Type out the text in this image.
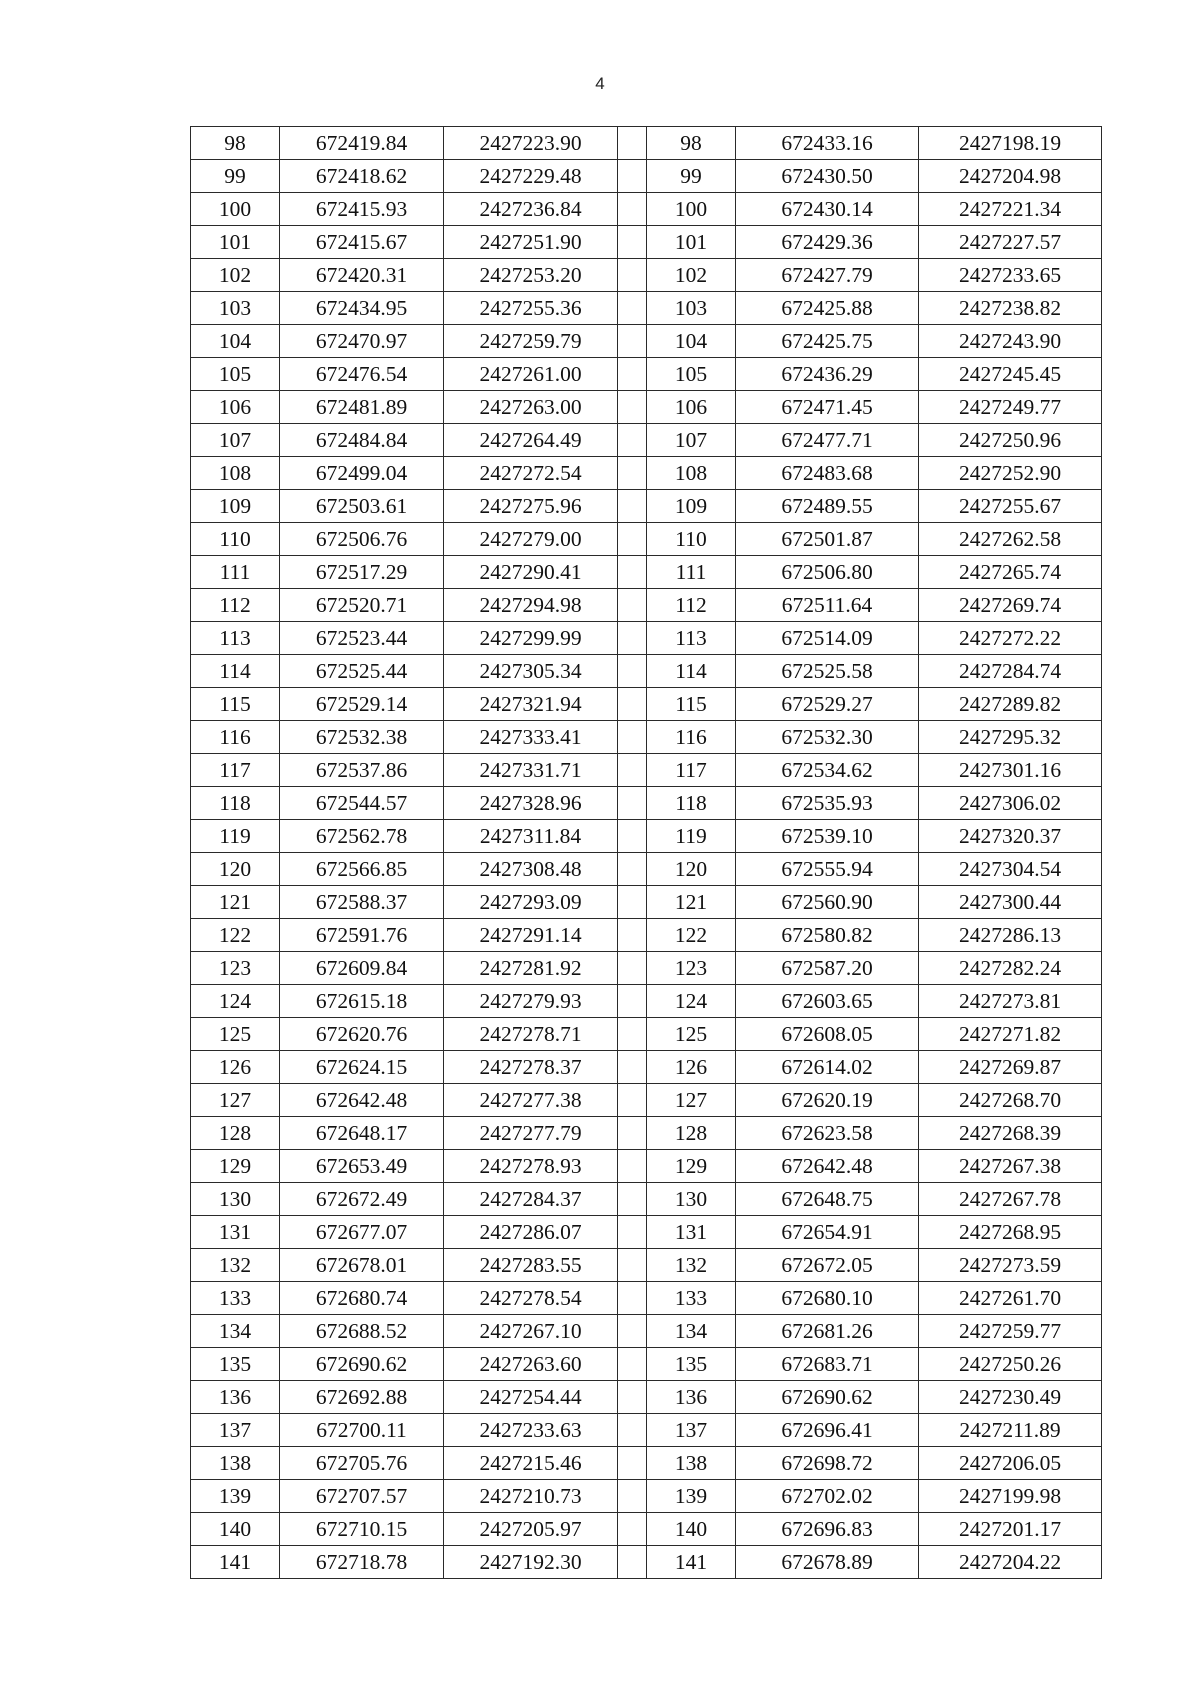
4
98	672419.84	2427223.90		98	672433.16	2427198.19
99	672418.62	2427229.48		99	672430.50	2427204.98
100	672415.93	2427236.84		100	672430.14	2427221.34
101	672415.67	2427251.90		101	672429.36	2427227.57
102	672420.31	2427253.20		102	672427.79	2427233.65
103	672434.95	2427255.36		103	672425.88	2427238.82
104	672470.97	2427259.79		104	672425.75	2427243.90
105	672476.54	2427261.00		105	672436.29	2427245.45
106	672481.89	2427263.00		106	672471.45	2427249.77
107	672484.84	2427264.49		107	672477.71	2427250.96
108	672499.04	2427272.54		108	672483.68	2427252.90
109	672503.61	2427275.96		109	672489.55	2427255.67
110	672506.76	2427279.00		110	672501.87	2427262.58
111	672517.29	2427290.41		111	672506.80	2427265.74
112	672520.71	2427294.98		112	672511.64	2427269.74
113	672523.44	2427299.99		113	672514.09	2427272.22
114	672525.44	2427305.34		114	672525.58	2427284.74
115	672529.14	2427321.94		115	672529.27	2427289.82
116	672532.38	2427333.41		116	672532.30	2427295.32
117	672537.86	2427331.71		117	672534.62	2427301.16
118	672544.57	2427328.96		118	672535.93	2427306.02
119	672562.78	2427311.84		119	672539.10	2427320.37
120	672566.85	2427308.48		120	672555.94	2427304.54
121	672588.37	2427293.09		121	672560.90	2427300.44
122	672591.76	2427291.14		122	672580.82	2427286.13
123	672609.84	2427281.92		123	672587.20	2427282.24
124	672615.18	2427279.93		124	672603.65	2427273.81
125	672620.76	2427278.71		125	672608.05	2427271.82
126	672624.15	2427278.37		126	672614.02	2427269.87
127	672642.48	2427277.38		127	672620.19	2427268.70
128	672648.17	2427277.79		128	672623.58	2427268.39
129	672653.49	2427278.93		129	672642.48	2427267.38
130	672672.49	2427284.37		130	672648.75	2427267.78
131	672677.07	2427286.07		131	672654.91	2427268.95
132	672678.01	2427283.55		132	672672.05	2427273.59
133	672680.74	2427278.54		133	672680.10	2427261.70
134	672688.52	2427267.10		134	672681.26	2427259.77
135	672690.62	2427263.60		135	672683.71	2427250.26
136	672692.88	2427254.44		136	672690.62	2427230.49
137	672700.11	2427233.63		137	672696.41	2427211.89
138	672705.76	2427215.46		138	672698.72	2427206.05
139	672707.57	2427210.73		139	672702.02	2427199.98
140	672710.15	2427205.97		140	672696.83	2427201.17
141	672718.78	2427192.30		141	672678.89	2427204.22
